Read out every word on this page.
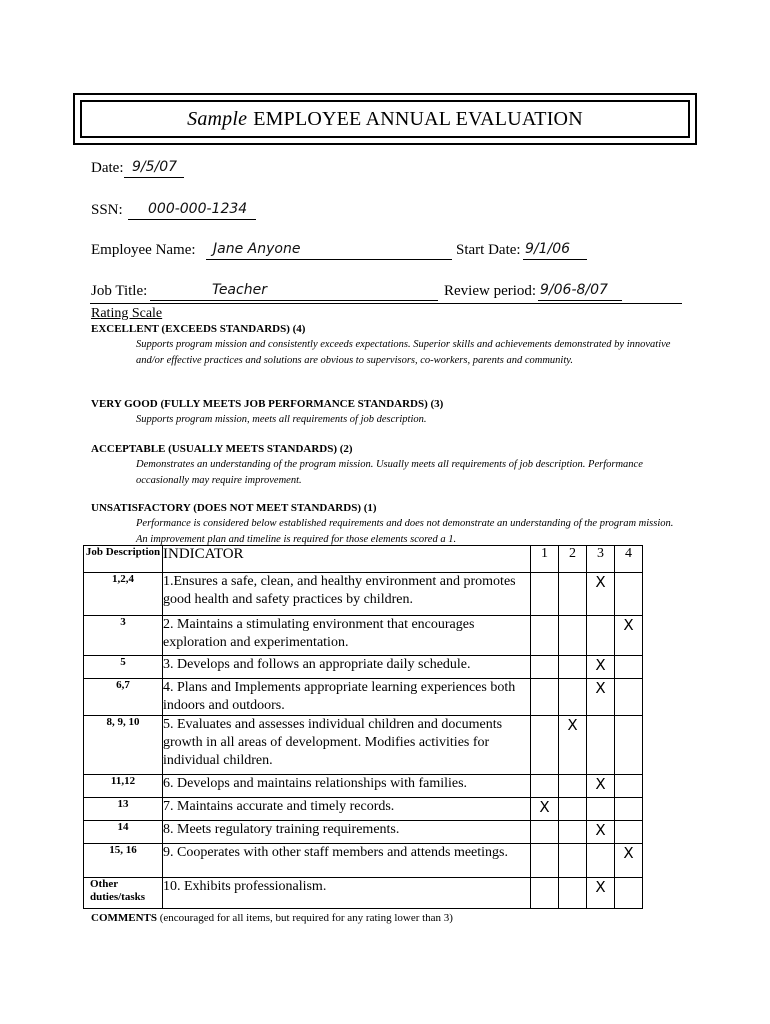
Sample EMPLOYEE ANNUAL EVALUATION
Date: 9/5/07
SSN: 000-000-1234
Employee Name: Jane Anyone	Start Date: 9/1/06
Job Title:	Teacher	Review period: 9/06-8/07
Rating Scale
EXCELLENT (EXCEEDS STANDARDS) (4)
Supports program mission and consistently exceeds expectations. Superior skills and achievements demonstrated by innovative and/or effective practices and solutions are obvious to supervisors, co-workers, parents and community.
VERY GOOD (FULLY MEETS JOB PERFORMANCE STANDARDS) (3)
Supports program mission, meets all requirements of job description.
ACCEPTABLE (USUALLY MEETS STANDARDS) (2)
Demonstrates an understanding of the program mission. Usually meets all requirements of job description. Performance occasionally may require improvement.
UNSATISFACTORY (DOES NOT MEET STANDARDS) (1)
Performance is considered below established requirements and does not demonstrate an understanding of the program mission. An improvement plan and timeline is required for those elements scored a 1.
Job Description	INDICATOR	1	2	3	4
1,2,4	1.Ensures a safe, clean, and healthy environment and promotes good health and safety practices by children.			X	
3	2. Maintains a stimulating environment that encourages exploration and experimentation.				X
5	3. Develops and follows an appropriate daily schedule.			X	
6,7	4. Plans and Implements appropriate learning experiences both indoors and outdoors.			X	
8, 9, 10	5. Evaluates and assesses individual children and documents growth in all areas of development. Modifies activities for individual children.		X		
11,12	6. Develops and maintains relationships with families.			X	
13	7. Maintains accurate and timely records.	X			
14	8. Meets regulatory training requirements.			X	
15, 16	9. Cooperates with other staff members and attends meetings.				X
Other duties/tasks	10. Exhibits professionalism.			X	
COMMENTS (encouraged for all items, but required for any rating lower than 3)
